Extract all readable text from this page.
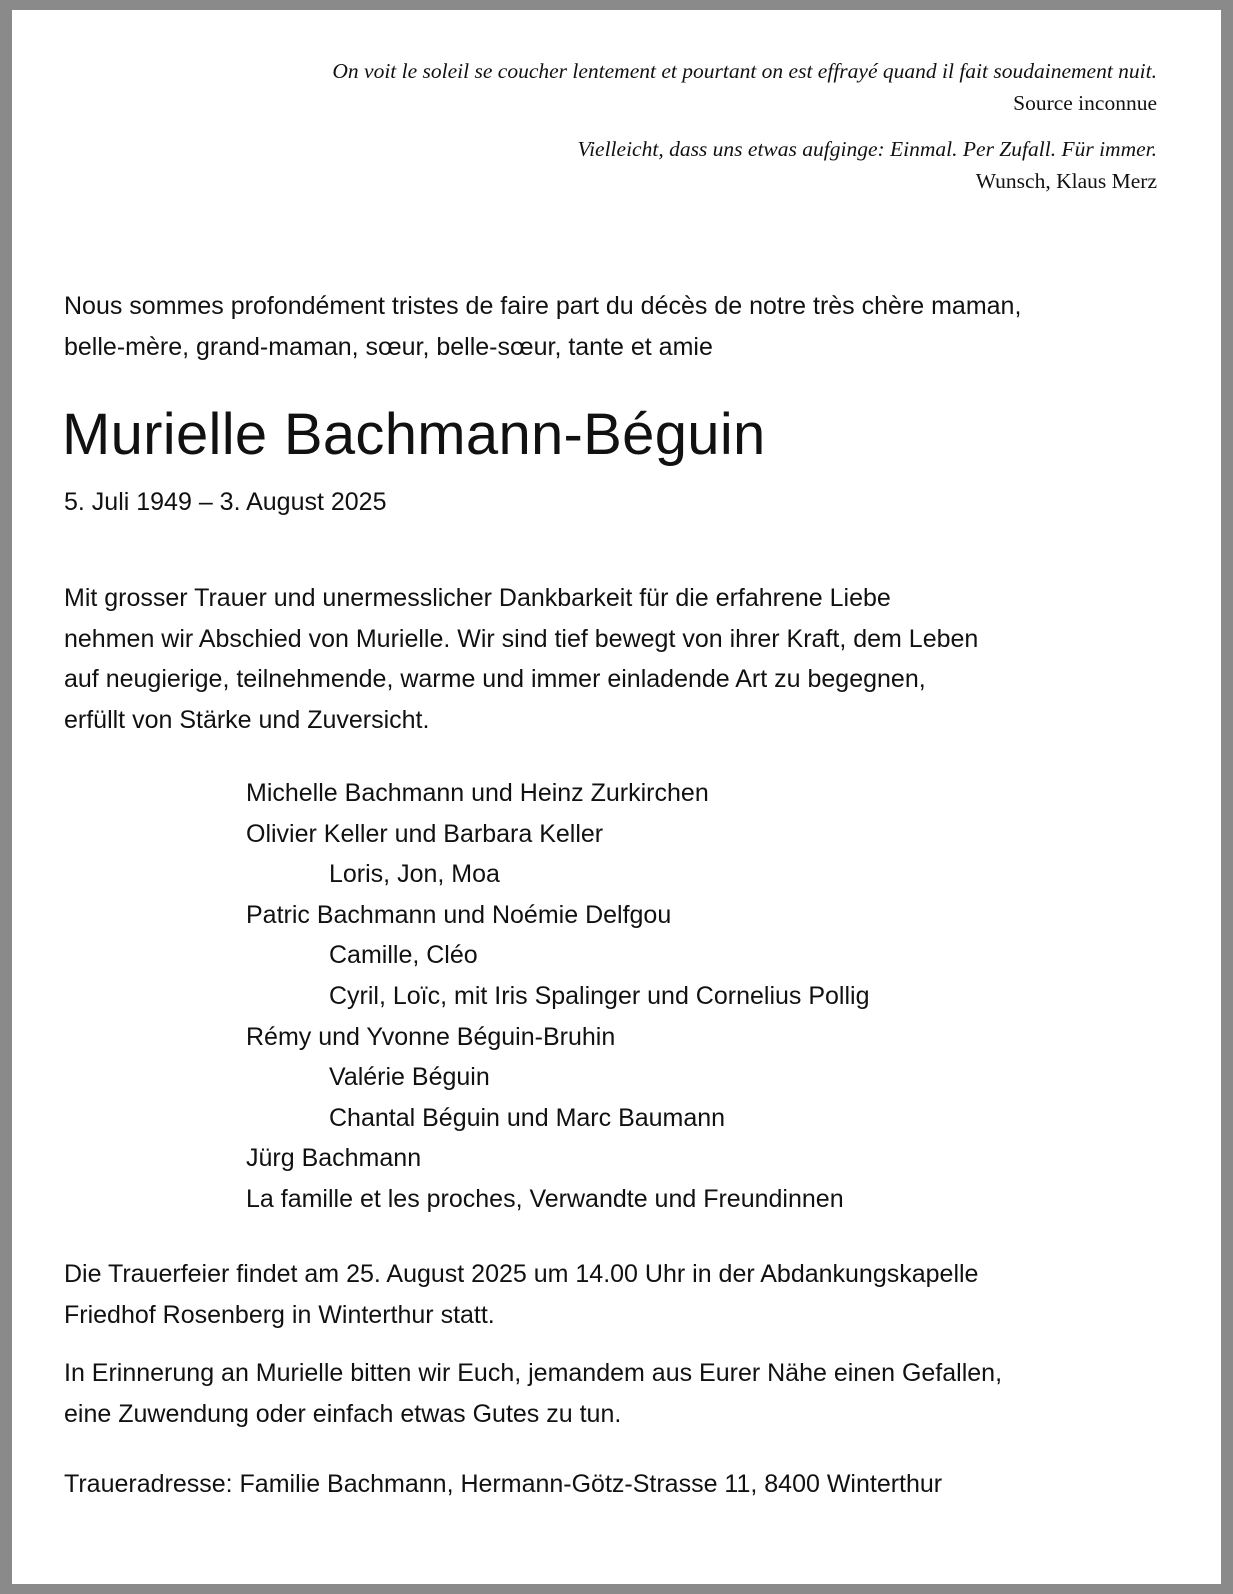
On voit le soleil se coucher lentement et pourtant on est effrayé quand il fait soudainement nuit.
Source inconnue
Vielleicht, dass uns etwas aufginge: Einmal. Per Zufall. Für immer.
Wunsch, Klaus Merz
Nous sommes profondément tristes de faire part du décès de notre très chère maman,
belle-mère, grand-maman, sœur, belle-sœur, tante et amie
Murielle Bachmann-Béguin
5. Juli 1949 – 3. August 2025
Mit grosser Trauer und unermesslicher Dankbarkeit für die erfahrene Liebe
nehmen wir Abschied von Murielle. Wir sind tief bewegt von ihrer Kraft, dem Leben
auf neugierige, teilnehmende, warme und immer einladende Art zu begegnen,
erfüllt von Stärke und Zuversicht.
Michelle Bachmann und Heinz Zurkirchen
Olivier Keller und Barbara Keller
Loris, Jon, Moa
Patric Bachmann und Noémie Delfgou
Camille, Cléo
Cyril, Loïc, mit Iris Spalinger und Cornelius Pollig
Rémy und Yvonne Béguin-Bruhin
Valérie Béguin
Chantal Béguin und Marc Baumann
Jürg Bachmann
La famille et les proches, Verwandte und Freundinnen
Die Trauerfeier findet am 25. August 2025 um 14.00 Uhr in der Abdankungskapelle
Friedhof Rosenberg in Winterthur statt.
In Erinnerung an Murielle bitten wir Euch, jemandem aus Eurer Nähe einen Gefallen,
eine Zuwendung oder einfach etwas Gutes zu tun.
Traueradresse: Familie Bachmann, Hermann-Götz-Strasse 11, 8400 Winterthur
